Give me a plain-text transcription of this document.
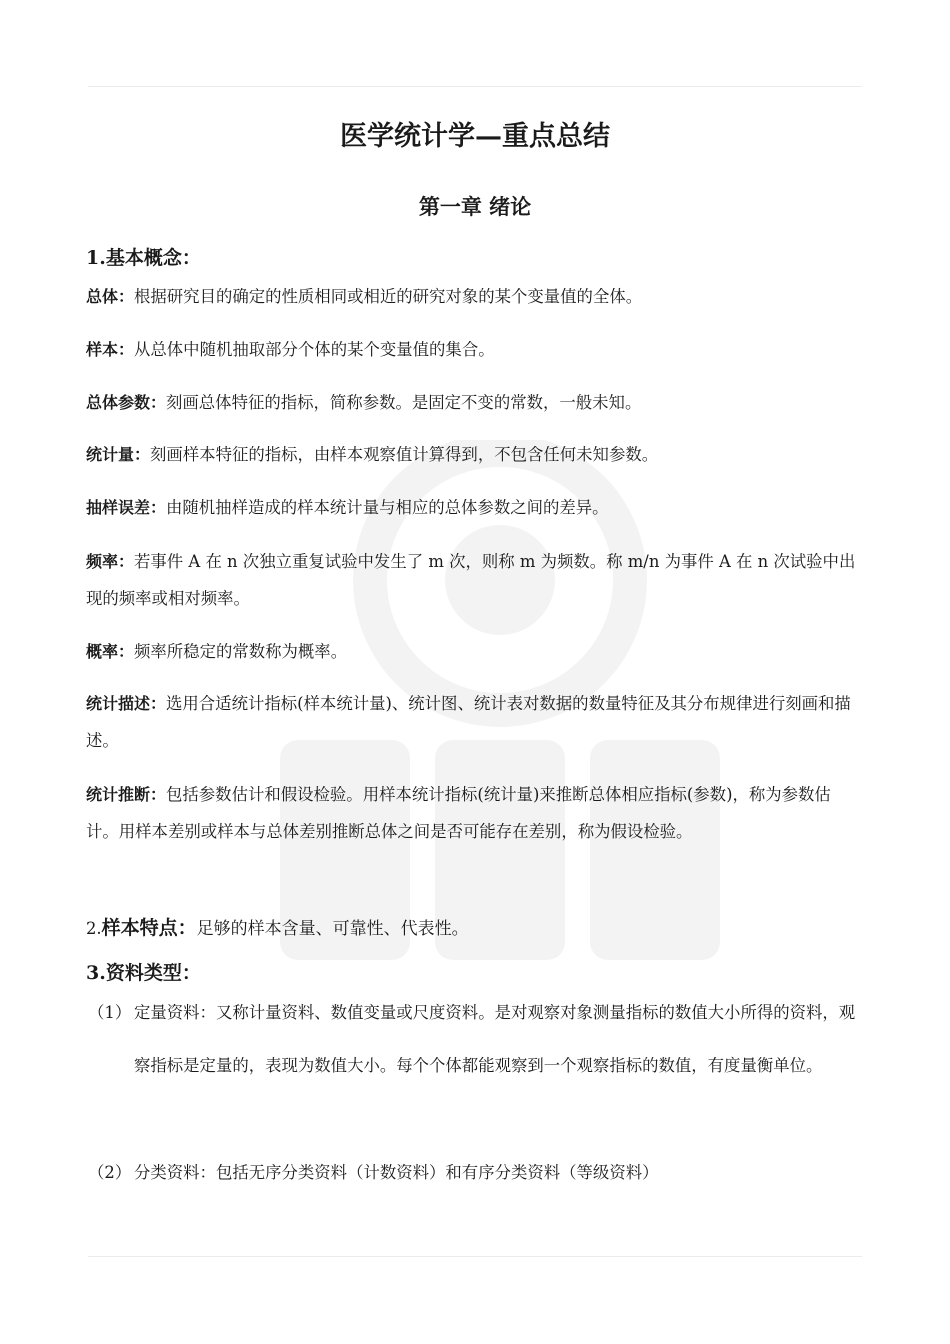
医学统计学—重点总结
第一章 绪论
1.基本概念：

总体：根据研究目的确定的性质相同或相近的研究对象的某个变量值的全体。

样本：从总体中随机抽取部分个体的某个变量值的集合。

总体参数：刻画总体特征的指标，简称参数。是固定不变的常数，一般未知。

统计量：刻画样本特征的指标，由样本观察值计算得到，不包含任何未知参数。

抽样误差：由随机抽样造成的样本统计量与相应的总体参数之间的差异。

频率：若事件 A 在 n 次独立重复试验中发生了 m 次，则称 m 为频数。称 m/n 为事件 A 在 n 次试验中出现的频率或相对频率。

概率：频率所稳定的常数称为概率。

统计描述：选用合适统计指标(样本统计量)、统计图、统计表对数据的数量特征及其分布规律进行刻画和描述。

统计推断：包括参数估计和假设检验。用样本统计指标(统计量)来推断总体相应指标(参数)，称为参数估计。用样本差别或样本与总体差别推断总体之间是否可能存在差别，称为假设检验。

2.样本特点：足够的样本含量、可靠性、代表性。
3.资料类型：
（1） 定量资料：又称计量资料、数值变量或尺度资料。是对观察对象测量指标的数值大小所得的资料，观察指标是定量的，表现为数值大小。每个个体都能观察到一个观察指标的数值，有度量衡单位。
（2） 分类资料：包括无序分类资料（计数资料）和有序分类资料（等级资料）
